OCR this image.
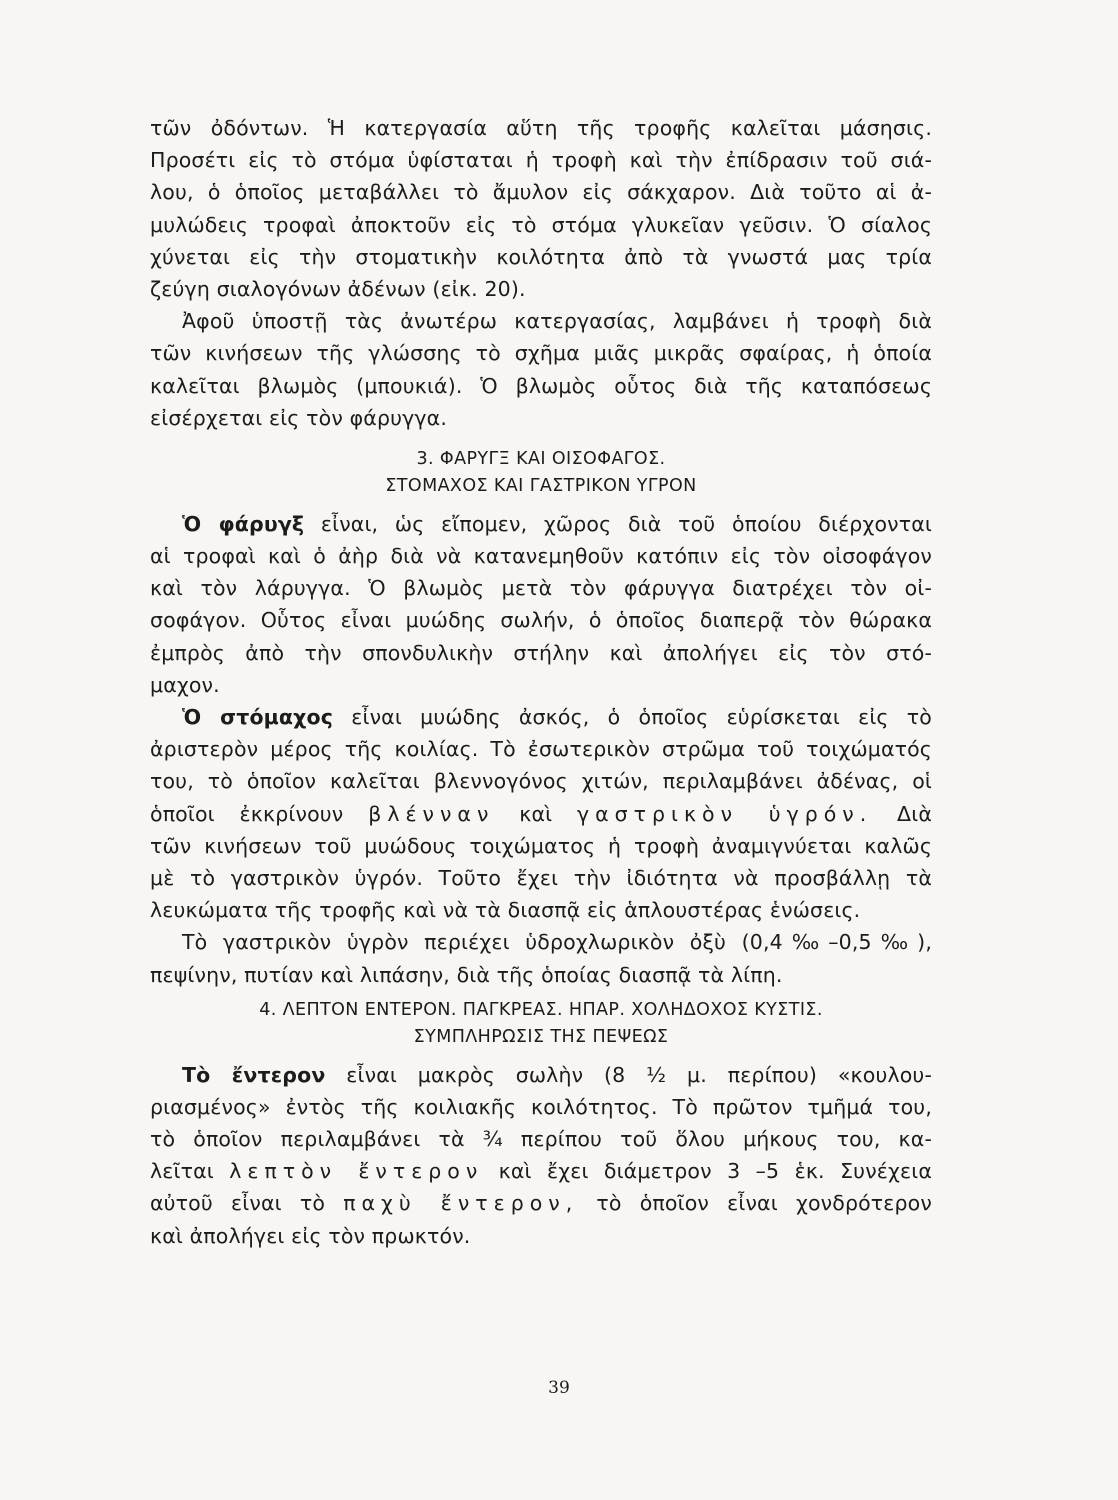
τῶν ὀδόντων. Ἡ κατεργασία αὕτη τῆς τροφῆς καλεῖται μάσησις.

Προσέτι εἰς τὸ στόμα ὑφίσταται ἡ τροφὴ καὶ τὴν ἐπίδρασιν τοῦ σιά-

λου, ὁ ὁποῖος μεταβάλλει τὸ ἄμυλον εἰς σάκχαρον. Διὰ τοῦτο αἱ ἀ-

μυλώδεις τροφαὶ ἀποκτοῦν εἰς τὸ στόμα γλυκεῖαν γεῦσιν. Ὁ σίαλος

χύνεται εἰς τὴν στοματικὴν κοιλότητα ἀπὸ τὰ γνωστά μας τρία

ζεύγη σιαλογόνων ἀδένων (εἰκ. 20).

Ἀφοῦ ὑποστῇ τὰς ἀνωτέρω κατεργασίας, λαμβάνει ἡ τροφὴ διὰ

τῶν κινήσεων τῆς γλώσσης τὸ σχῆμα μιᾶς μικρᾶς σφαίρας, ἡ ὁποία

καλεῖται βλωμὸς (μπουκιά). Ὁ βλωμὸς οὗτος διὰ τῆς καταπόσεως

εἰσέρχεται εἰς τὸν φάρυγγα.

3. ΦΑΡΥΓΞ ΚΑΙ ΟΙΣΟΦΑΓΟΣ.
ΣΤΟΜΑΧΟΣ ΚΑΙ ΓΑΣΤΡΙΚΟΝ ΥΓΡΟΝ

Ὁ φάρυγξ εἶναι, ὡς εἴπομεν, χῶρος διὰ τοῦ ὁποίου διέρχονται

αἱ τροφαὶ καὶ ὁ ἀὴρ διὰ νὰ κατανεμηθοῦν κατόπιν εἰς τὸν οἰσοφάγον

καὶ τὸν λάρυγγα. Ὁ βλωμὸς μετὰ τὸν φάρυγγα διατρέχει τὸν οἰ-

σοφάγον. Οὗτος εἶναι μυώδης σωλήν, ὁ ὁποῖος διαπερᾷ τὸν θώρακα

ἐμπρὸς ἀπὸ τὴν σπονδυλικὴν στήλην καὶ ἀπολήγει εἰς τὸν στό-

μαχον.

Ὁ στόμαχος εἶναι μυώδης ἀσκός, ὁ ὁποῖος εὑρίσκεται εἰς τὸ

ἀριστερὸν μέρος τῆς κοιλίας. Τὸ ἐσωτερικὸν στρῶμα τοῦ τοιχώματός

του, τὸ ὁποῖον καλεῖται βλεννογόνος χιτών, περιλαμβάνει ἀδένας, οἱ

ὁποῖοι ἐκκρίνουν βλένναν καὶ γαστρικὸν ὑγρόν. Διὰ

τῶν κινήσεων τοῦ μυώδους τοιχώματος ἡ τροφὴ ἀναμιγνύεται καλῶς

μὲ τὸ γαστρικὸν ὑγρόν. Τοῦτο ἔχει τὴν ἰδιότητα νὰ προσβάλλῃ τὰ

λευκώματα τῆς τροφῆς καὶ νὰ τὰ διασπᾷ εἰς ἁπλουστέρας ἑνώσεις.

Τὸ γαστρικὸν ὑγρὸν περιέχει ὑδροχλωρικὸν ὀξὺ (0,4‰–0,5‰),

πεψίνην, πυτίαν καὶ λιπάσην, διὰ τῆς ὁποίας διασπᾷ τὰ λίπη.

4. ΛΕΠΤΟΝ ΕΝΤΕΡΟΝ. ΠΑΓΚΡΕΑΣ. ΗΠΑΡ. ΧΟΛΗΔΟΧΟΣ ΚΥΣΤΙΣ.
ΣΥΜΠΛΗΡΩΣΙΣ ΤΗΣ ΠΕΨΕΩΣ

Τὸ ἔντερον εἶναι μακρὸς σωλὴν (8 ½ μ. περίπου) «κουλου-

ριασμένος» ἐντὸς τῆς κοιλιακῆς κοιλότητος. Τὸ πρῶτον τμῆμά του,

τὸ ὁποῖον περιλαμβάνει τὰ ¾ περίπου τοῦ ὅλου μήκους του, κα-

λεῖται λεπτὸν ἔντερον καὶ ἔχει διάμετρον 3 –5 ἑκ. Συνέχεια

αὐτοῦ εἶναι τὸ παχὺ ἔντερον, τὸ ὁποῖον εἶναι χονδρότερον

καὶ ἀπολήγει εἰς τὸν πρωκτόν.

39
